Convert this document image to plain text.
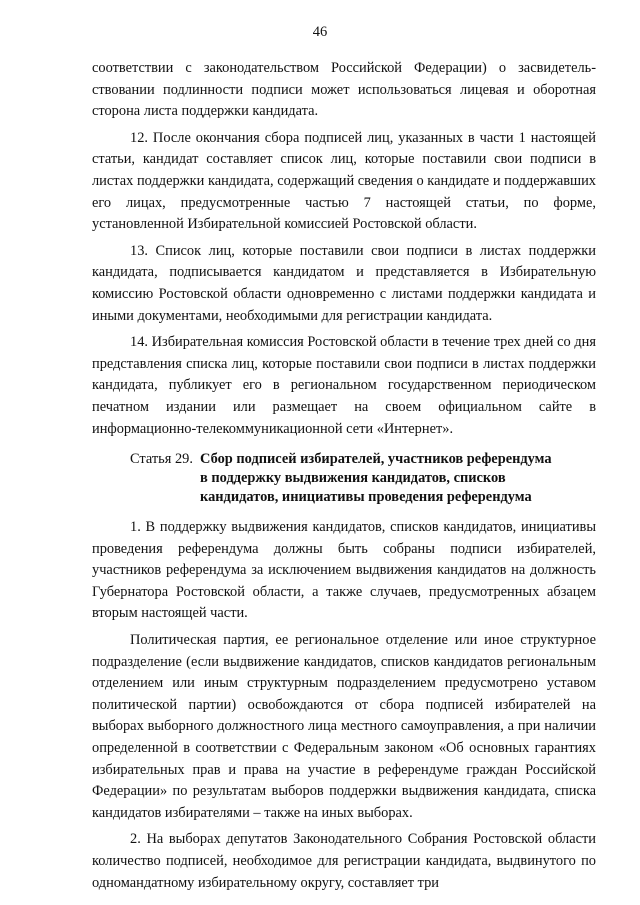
46

соответствии с законодательством Российской Федерации) о засвидетельствовании подлинности подписи может использоваться лицевая и оборотная сторона листа поддержки кандидата.

12. После окончания сбора подписей лиц, указанных в части 1 настоящей статьи, кандидат составляет список лиц, которые поставили свои подписи в листах поддержки кандидата, содержащий сведения о кандидате и поддержавших его лицах, предусмотренные частью 7 настоящей статьи, по форме, установленной Избирательной комиссией Ростовской области.

13. Список лиц, которые поставили свои подписи в листах поддержки кандидата, подписывается кандидатом и представляется в Избирательную комиссию Ростовской области одновременно с листами поддержки кандидата и иными документами, необходимыми для регистрации кандидата.

14. Избирательная комиссия Ростовской области в течение трех дней со дня представления списка лиц, которые поставили свои подписи в листах поддержки кандидата, публикует его в региональном государственном периодическом печатном издании или размещает на своем официальном сайте в информационно-телекоммуникационной сети «Интернет».

Статья 29. Сбор подписей избирателей, участников референдума
в поддержку выдвижения кандидатов, списков
кандидатов, инициативы проведения референдума

1. В поддержку выдвижения кандидатов, списков кандидатов, инициативы проведения референдума должны быть собраны подписи избирателей, участников референдума за исключением выдвижения кандидатов на должность Губернатора Ростовской области, а также случаев, предусмотренных абзацем вторым настоящей части.

Политическая партия, ее региональное отделение или иное структурное подразделение (если выдвижение кандидатов, списков кандидатов региональным отделением или иным структурным подразделением предусмотрено уставом политической партии) освобождаются от сбора подписей избирателей на выборах выборного должностного лица местного самоуправления, а при наличии определенной в соответствии с Федеральным законом «Об основных гарантиях избирательных прав и права на участие в референдуме граждан Российской Федерации» по результатам выборов поддержки выдвижения кандидата, списка кандидатов избирателями – также на иных выборах.

2. На выборах депутатов Законодательного Собрания Ростовской области количество подписей, необходимое для регистрации кандидата, выдвинутого по одномандатному избирательному округу, составляет три
